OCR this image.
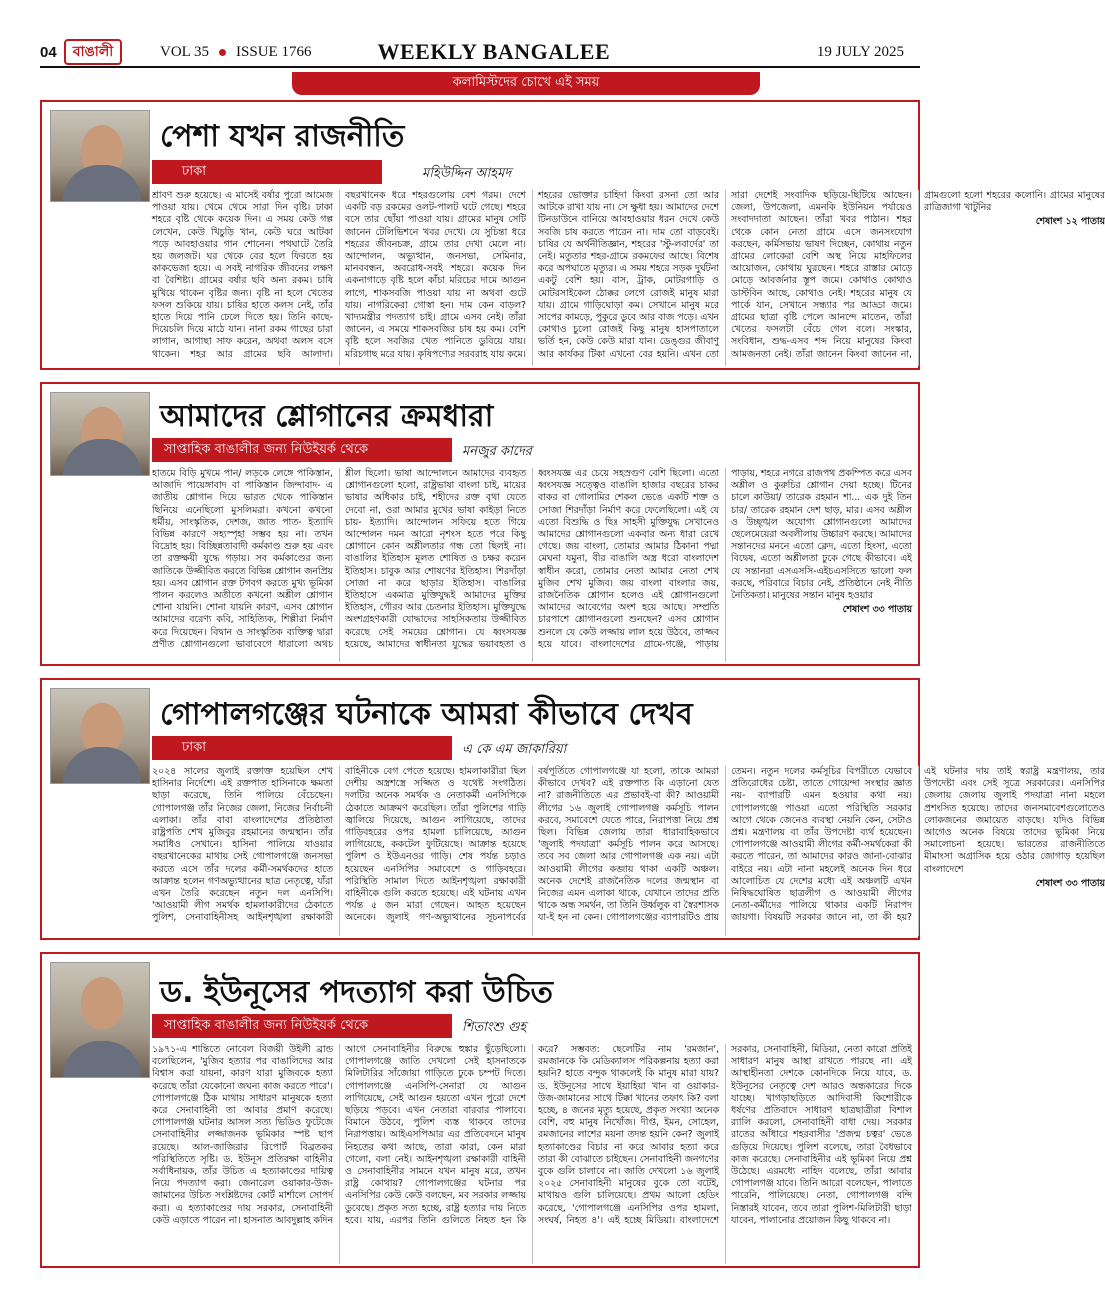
04	বাঙালী	VOL 35 ISSUE 1766	WEEKLY BANGALEE	19 JULY 2025
কলামিস্টদের চোখে এই সময়
পেশা যখন রাজনীতি
ঢাকা	মহিউদ্দিন আহমদ

শ্রাবণ শুরু হয়েছে। এ মাসেই বর্ষার পুরো আমেজ পাওয়া যায়। থেমে থেমে সারা দিন বৃষ্টি। ঢাকা শহরে বৃষ্টি থেকে কয়েক দিন। এ সময় কেউ গল্প লেখেন, কেউ খিচুড়ি খান, কেউ ঘরে আটকা পড়ে আবহাওয়ার গান শোনেন। পথঘাটে তৈরি হয় জলজট। ঘর থেকে বের হলে ফিরতে হয় কাকভেজা হয়ে। এ সবই নাগরিক জীবনের লক্ষণ বা বৈশিষ্ট্য। গ্রামের বর্ষার ছবি অন্য রকম। চাষি মুখিয়ে থাকেন বৃষ্টির জন্য। বৃষ্টি না হলে খেতের ফসল শুকিয়ে যায়। চাষির হাতে কলস নেই, তাঁর হাতে দিয়ে পানি ঢেলে দিতে হয়। তিনি কাছে-দিয়েচলি দিয়ে মাঠে যান। নানা রকম গাছের চারা লাগান, আগাছা সাফ করেন, অথবা অলস বসে থাকেন। শহর আর গ্রামের ছবি আলাদা। বছরখানেক ধরে শহরগুলোয় বেশ গরম। দেশে একটি বড় রকমের ওলট-পালট ঘটে গেছে। শহরে বসে তার ছোঁয়া পাওয়া যায়। গ্রামের মানুষ সেটি জানেন টেলিভিশনে খবর দেখে। যে সুচিন্তা ধরে শহরের জীবনচক্র, গ্রামে তার দেখা মেলে না। আন্দোলন, অভ্যুত্থান, জনসভা, সেমিনার, মানববন্ধন, অবরোধ-সবই শহরে। কয়েক দিন একনাগাড়ে বৃষ্টি হলে কাঁচা মরিচের দামে আগুন লাগে, শাকসবজি পাওয়া যায় না অথবা গুটে যায়। নাগরিকেরা গোস্বা হন। দাম কেন বাড়ল? খাদ্যমন্ত্রীর পদত্যাগ চাই। গ্রামে এসব নেই। তাঁরা জানেন, এ সময়ে শাকসবজির চাষ হয় কম। বেশি বৃষ্টি হলে সবজির খেত পানিতে ডুবিয়ে যায়। মরিচগাছ মরে যায়। কৃষিপণ্যের সরবরাহ যায় কমে। শহরের ভোক্তার চাহিদা কিংবা রসনা তো আর আটকে রাখা যায় না। সে ক্ষুধা হয়। আমাদের দেশে টিনডাউনে বানিয়ে আবহাওয়ার ধরন দেখে কেউ সবজি চাষ করতে পারেন না। দাম তো বাড়বেই। চাষির যে অর্থনীতিজ্ঞান, শহরের 'স্টু-লবার্দের' তা নেই। মতুতার শহর-গ্রামে রকমফের আছে। বিশেষ করে অপঘাতে মৃত্যুর। এ সময় শহরে সড়ক দুর্ঘটনা একটু বেশি হয়। বাস, ট্রাক, মোটরগাড়ি ও মোটরসাইকেল ঠোক্কর লেগে রোজই মানুষ মারা যায়। গ্রামে গাড়িঘোড়া কম। সেখানে মানুষ মরে সাপের কামড়ে, পুকুরে ডুবে আর বাজ পড়ে। এখন কোথাও চুলো রোজই কিছু মানুষ হাসপাতালে ভর্তি হন, কেউ কেউ মারা যান। ডেঙ্গুর জীবাণু আর কার্যকর টিকা এখনো বের হয়নি। এখন তো সারা দেশেই সংবাদিক ছড়িয়ে-ছিটিয়ে আছেন। জেলা, উপজেলা, এমনকি ইউনিয়ন পর্যায়েও সংবাদদাতা আছেন। তাঁরা খবর পাঠান। শহর থেকে কোন নেতা গ্রামে এসে জনসংযোগ করছেন, কর্মিসভায় ভাষণ দিচ্ছেন, কোথায় নতুন গ্রামের লোকেরা বেশি অস্থ নিয়ে মাহফিলের আয়োজন, কোথায় ঘুরছেন। শহরে রাস্তার মোড়ে মোড়ে আবর্জনার স্তূপ জমে। কোথাও কোথাও ডাস্টবিন আছে, কোথাও নেই। শহরের মানুষ যে পার্কে যান, সেখানে সন্ধ্যার পর আড্ডা জমে। গ্রামের ছাত্রা বৃষ্টি পেলে আনন্দে মাতেন, তাঁরা খেতের ফসলটা বেঁচে গেল বলে। সংস্কার, সংবিধান, শুদ্ধ-এসব শব্দ নিয়ে মানুষের কিংবা আমজনতা নেই। তাঁরা জানেন কিংবা জানেন না, গ্রামগুলো হলো শহরের কলোনি। গ্রামের মানুষের রাত্রিজাগা খাটুনির

শেষাংশ ১২ পাতায়
আমাদের শ্লোগানের ক্রমধারা
সাপ্তাহিক বাঙালীর জন্য নিউইয়র্ক থেকে	মনজুর কাদের

হাতমে বিড়ি মুখমে পান/ লড়কে লেঙ্গে পাকিস্তান, আজাদি পায়েঙ্গাবাদ বা পাকিস্তান জিন্দাবাদ- এ জাতীয় শ্লোগান দিয়ে ভারত থেকে পাকিস্তান ছিনিয়ে এনেছিলো মুসলিমরা। কখনো কখনো ধর্মীয়, সাংস্কৃতিক, দেশজ, জাত পাত- ইত্যাদি বিভিন্ন কারণে সহ্যস্পৃহা সম্ভব হয় না। তখন বিদ্রোহ হয়। বিচ্ছিন্নতাবাদী কর্মকাণ্ড শুরু হয় এবং তা রক্তক্ষয়ী যুদ্ধে গড়ায়। সব কর্মকাণ্ডের জন্য জাতিকে উজ্জীবিত করতে বিভিন্ন শ্লোগান জনপ্রিয় হয়। এসব শ্লোগান রক্ত টগবগ করতে মুখ্য ভূমিকা পালন করলেও অতীতে কখনো অশ্লীল শ্লোগান শোনা যায়নি। শোনা যায়নি কারণ, এসব শ্লোগান আমাদের বরেণ্য কবি, সাহিত্যিক, শিল্পীরা নির্মাণ করে দিয়েছেন। বিদ্বান ও সাংস্কৃতিক ব্যক্তিত্ব দ্বারা প্রণীত শ্লোগানগুলো ভাবাবেগে ধারালো অথচ শ্লীল ছিলো। ভাষা আন্দোলনে আমাদের ব্যবহৃত শ্লোগানগুলো হলো, রাষ্ট্রভাষা বাংলা চাই, মায়ের ভাষার অধিকার চাই, শহীদের রক্ত বৃথা যেতে দেবো না, ওরা আমার মুখের ভাষা কাইড়া নিতে চায়- ইত্যাদি। আন্দোলন সফিয়ে হতে গিয়ে আন্দোলন দমন আরো নৃশংস হতে পরে কিছু শ্লোগানে কোন অশ্লীলতার গন্ধ তো ছিলই না। বাঙালির ইতিহাস মূলত শোষিত ও চক্ষর করেন ইতিহাস। চাবুক আর শোষণের ইতিহাস। শিরদাঁড়া সোজা না করে ছাড়ার ইতিহাস। বাঙালির ইতিহাসে একমাত্র মুক্তিযুদ্ধই আমাদের মুক্তির ইতিহাস, গৌরব আর চেতনার ইতিহাস। মুক্তিযুদ্ধে অংশগ্রহণকারী যোদ্ধাদের সাহসিকতায় উজ্জীবিত করেছে সেই সময়ের শ্লোগান। যে ধ্বংসযজ্ঞ হয়েছে, আমাদের স্বাধীনতা যুদ্ধের ভয়াবহতা ও ধ্বংসযজ্ঞ এর চেয়ে সহস্রগুণ বেশি ছিলো। এতো ধ্বংসযজ্ঞ সত্ত্বেও বাঙালি হাজার বছরের চাকর বাকর বা গোলামির শেকল ভেঙে একটি শক্ত ও সোজা শিরদাঁড়া নির্মাণ করে ফেলেছিলো। এই যে এতো বিশুদ্ধি ও ছিঃ সাহসী মুক্তিযুদ্ধ সেখানেও আমাদের শ্লোগানগুলো একবার অন্য ধারা রেখে গেছে। জয় বাংলা, তোমার আমার ঠিকানা পদ্মা মেঘনা যমুনা, বীর বাঙালি অস্ত্র ধরো বাংলাদেশ স্বাধীন করো, তোমার নেতা আমার নেতা শেখ মুজিব শেখ মুজিব। জয় বাংলা বাংলার জয়, রাজনৈতিক শ্লোগান হলেও এই শ্লোগানগুলো আমাদের আবেগের অংশ হয়ে আছে। সম্প্রতি চারপাশে শ্লোগানগুলো শুনছেন? এসব শ্লোগান শুনলে যে কেউ লজ্জায় লাল হয়ে উঠবে, তাজ্জব হয়ে যাবে। বাংলাদেশের গ্রামে-গঞ্জে, পাড়ায় পাড়ায়, শহরে নগরে রাজপথ প্রকম্পিত করে এসব অশ্লীল ও কুরুচির শ্লোগান দেয়া হচ্ছে। টিনের চালে কাউয়া/ তারেক রহমান শা... এক দুই তিন চার/ তারেক রহমান দেশ ছাড়, মার। এসব অশ্লীল ও উচ্ছৃঙ্খল অযোগ্য শ্লোগানগুলো আমাদের ছেলেমেয়েরা অবলীলায় উচ্চারণ করছে। আমাদের সন্তানদের মননে এতো ক্লেদ, এতো হিংসা, এতো বিদ্বেষ, এতো অশ্লীলতা ঢুকে গেছে কীভাবে। এই যে সন্তানরা এসএসসি-এইচএসসিতে ভালো ফল করছে, পরিবারে বিচার নেই, প্রতিষ্ঠানে নেই নীতি নৈতিকতা। মানুষের সন্তান মানুষ হওয়ার

শেষাংশ ৩৩ পাতায়
গোপালগঞ্জের ঘটনাকে আমরা কীভাবে দেখব
ঢাকা	এ কে এম জাকারিয়া

২০২৪ সালের জুলাই রক্তাক্ত হয়েছিল শেখ হাসিনার নির্দেশে। এই রক্তপাত হাসিনাকে ক্ষমতা ছাড়া করেছে, তিনি পালিয়ে বেঁচেছেন। গোপালগঞ্জ তাঁর নিজের জেলা, নিজের নির্বাচনী এলাকা। তাঁর বাবা বাংলাদেশের প্রতিষ্ঠাতা রাষ্ট্রপতি শেখ মুজিবুর রহমানের জন্মস্থান। তাঁর সমাধিও সেখানে। হাসিনা পালিয়ে যাওয়ার বছরখানেকের মাথায় সেই গোপালগঞ্জে জনসভা করতে এসে তাঁর দলের কর্মী-সমর্থকদের হাতে আক্রান্ত হলেন গণঅভ্যুত্থানের ছাত্র নেতৃত্বে, যাঁরা এখন তৈরি করেছেন নতুন দল এনসিপি। 'আওয়ামী লীগ সমর্থক হামলাকারীদের ঠেকাতে পুলিশ, সেনাবাহিনীসহ আইনশৃঙ্খলা রক্ষাকারী বাহিনীকে বেগ পেতে হয়েছে। হামলাকারীরা ছিল দেশীয় অস্ত্রশস্ত্রে সজ্জিত ও যথেষ্ট সংগঠিত। দলটির অনেক সমর্থক ও নেতাকর্মী এনসিপিকে ঠেকাতে আক্রমণ করেছিল। তাঁরা পুলিশের গাড়ি জ্বালিয়ে দিয়েছে, আগুন লাগিয়েছে, তাদের গাড়িবহরের ওপর হামলা চালিয়েছে, আগুন লাগিয়েছে, ককটেল ফুটিয়েছে। আক্রান্ত হয়েছে পুলিশ ও ইউএনওর গাড়ি। শেষ পর্যন্ত চড়াও হয়েছেন এনসিপির সমাবেশে ও গাড়িবহরে। পরিস্থিতি সামাল দিতে আইনশৃঙ্খলা রক্ষাকারী বাহিনীকে গুলি করতে হয়েছে। এই ঘটনায় এখন পর্যন্ত ৫ জন মারা গেছেন। আহত হয়েছেন অনেকে। জুলাই গণ-অভ্যুত্থানের সূচনাপর্বের বর্ষপূর্তিতে গোপালগঞ্জে যা হলো, তাকে আমরা কীভাবে দেখব? এই রক্তপাত কি এড়ানো যেত না? রাজনীতিতে এর প্রভাবই-বা কী? আওয়ামী লীগের ১৬ জুলাই গোপালগঞ্জ কর্মসূচি পালন করবে, সমাবেশে যেতে পারে, নিরাপত্তা নিয়ে প্রশ্ন ছিল। বিভিন্ন জেলায় তারা ধারাবাহিকভাবে 'জুলাই পদযাত্রা' কর্মসূচি পালন করে আসছে। তবে সব জেলা আর গোপালগঞ্জ এক নয়। এটা আওয়ামী লীগের কব্জায় থাকা একটি অঞ্চল। অনেক দেশেই রাজনৈতিক দলের জন্মস্থান বা নিজের এমন এলাকা থাকে, যেখানে তাদের প্রতি থাকে অন্ধ সমর্থন, তা তিনি উর্ধ্বলুক বা স্বৈরশাসক যা-ই হন না কেন। গোপালগঞ্জের ব্যাপারটিও প্রায় তেমন। নতুন দলের কর্মসূচির বিপরীতে যেভাবে প্রতিরোধের চেষ্টা, তাতে গোয়েন্দা সংস্থার জ্ঞাত নয়- ব্যাপারটি এমন হওয়ার কথা নয়। গোপালগঞ্জে পাওয়া এতো পরিস্থিতি সরকার আগে থেকে জেনেও ব্যবস্থা নেয়নি কেন, সেটাও প্রশ্ন। মন্ত্রণালয় বা তাঁর উপদেষ্টা ব্যর্থ হয়েছেন। গোপালগঞ্জে আওয়ামী লীগের কর্মী-সমর্থকেরা কী করতে পারেন, তা আমাদের কারও জানা-বোঝার বাইরে নয়। এটা নানা মহলেই অনেক দিন ধরে আলোচিত যে দেশের মধ্যে এই অঞ্চলটি এখন নিষিদ্ধঘোষিত ছাত্রলীগ ও আওয়ামী লীগের নেতা-কর্মীদের পালিয়ে থাকার একটি নিরাপদ জায়গা। বিষয়টি সরকার জানে না, তা কী হয়? এই ঘটনার দায় তাই স্বরাষ্ট্র মন্ত্রণালয়, তার উপদেষ্টা এবং সেই সূত্রে সরকারের। এনসিপির জেলায় জেলায় জুলাই পদযাত্রা নানা মহলে প্রশংসিত হয়েছে। তাদের জনসমাবেশগুলোতেও লোকজনের জমায়েত বাড়ছে। যদিও বিভিন্ন আগেও অনেক বিষয়ে তাদের ভূমিকা নিয়ে সমালোচনা হয়েছে। ভারতের রাজনীতিতে মীমাংসা অগ্রাসিক হয়ে ওঠার জোগাড় হয়েছিল বাংলাদেশে

শেষাংশ ৩৩ পাতায়
ড. ইউনূসের পদত্যাগ করা উচিত
সাপ্তাহিক বাঙালীর জন্য নিউইয়র্ক থেকে	শিতাংশু গুহ

১৯৭১-এ শান্তিতে নোবেল বিজয়ী উইলী ব্রান্ড বলেছিলেন, 'মুজিব হত্যার পর বাঙালিদের আর বিশ্বাস করা যায়না, কারণ যারা মুজিবকে হত্যা করেছে তাঁরা যেকোনো জঘন্য কাজ করতে পারে'। গোপালগঞ্জে ঠিক মাথায় সাধারণ মানুষকে হত্যা করে সেনাবাহিনী তা আবার প্রমাণ করেছে। গোপালগঞ্জ ঘটনার আসল সত্য ভিডিও ফুটেজে সেনাবাহিনীর লজ্জাজনক ভূমিকার স্পষ্ট ছাপ রয়েছে। আল-জাজিরার রিপোর্ট বিব্রতকর পরিস্থিতিতে সৃষ্টি। ড. ইউনূস প্রতিরক্ষা বাহিনীর সর্বাধিনায়ক, তাঁর উচিত এ হত্যাকাণ্ডের দায়িত্ব নিয়ে পদত্যাগ করা। জেনারেল ওয়াকার-উজ-জামানের উচিত সংশ্লিষ্টদের কোর্ট মার্শালে সোপর্দ করা। এ হত্যাকাণ্ডের দায় সরকার, সেনাবাহিনী কেউ এড়াতে পারেন না। হাসনাত আবদুল্লাহ কদিন আগে সেনাবাহিনীর বিরুদ্ধে হুঙ্কার ছুঁড়েছিলো। গোপালগঞ্জে জাতি দেখলো সেই হাসনাতকে মিলিটারির সাঁজোয়া গাড়িতে ঢুকে চম্পট দিতে। গোপালগঞ্জে এনসিপি-সেনারা যে আগুন লাগিয়েছে, সেই আগুন হয়তো এখন পুরো দেশে ছড়িয়ে পড়বে। এখন নেতারা বারবার পালাবে। বিমানে উঠবে, পুলিশ ব্যস্ত থাকবে তাদের নিরাপত্তায়। আইএসপিআর এর প্রতিবেদনে মানুষ নিহতের কথা আছে, তারা কারা, কেন মারা গেলো, বলা নেই। আইনশৃঙ্খলা রক্ষাকারী বাহিনী ও সেনাবাহিনীর সামনে যখন মানুষ মরে, তখন রাষ্ট্র কোথায়? গোপালগঞ্জের ঘটনার পর এনসিপির কেউ কেউ বলছেন, মব সরকার লজ্জায় ডুবেছে। প্রকৃত সত্য হচ্ছে, রাষ্ট্র হত্যার দায় নিতে হবে। যায়, এরপর তিনি গুলিতে নিহত হন কি করে? সম্ভবত: ছেলেটির নাম 'রমজান', রমজানকে কি মেডিক্যালস পরিকল্পনায় হত্যা করা হয়নি? হাতে বন্দুক থাকলেই কি মানুষ মারা যায়? ড. ইউনূসের সাথে ইয়াহিয়া খান বা ওয়াকার-উজ-জামানের সাথে টিক্কা খানের তফাৎ কি? বলা হচ্ছে, ৪ জনের মৃত্যু হয়েছে, প্রকৃত সংখ্যা অনেক বেশি, বহু মানুষ নিখোঁজ। দীপ্ত, ইমন, সোহেল, রমজানের লাশের ময়না তদন্ত হয়নি কেন? জুলাই হত্যাকাণ্ডের বিচার না করে আবার হত্যা করে তারা কী বোঝাতে চাইছেন। সেনাবাহিনী জনগণের বুকে গুলি চালাবে না। জাতি দেখলো ১৬ জুলাই ২০২৫ সেনাবাহিনী মানুষের বুকে তো বটেই, মাথায়ও গুলি চালিয়েছে। প্রথম আলো হেডিং করেছে, 'গোপালগঞ্জে এনসিপির ওপর হামলা, সংঘর্ষ, নিহত ৪'। এই হচ্ছে মিডিয়া। বাংলাদেশে সরকার, সেনাবাহিনী, মিডিয়া, নেতা কারো প্রতিই সাধারণ মানুষ আস্থা রাখতে পারছে না। এই আস্থাহীনতা দেশকে কোনদিকে নিয়ে যাবে, ড. ইউনূসের নেতৃত্বে দেশ আরও অন্ধকারের দিকে যাচ্ছে। খাগড়াছড়িতে আদিবাসী কিশোরীকে ধর্ষণের প্রতিবাদে সাধারণ ছাত্রছাত্রীরা বিশাল র‍্যালি করলো, সেনাবাহিনী বাধা দেয়। সরকার রাতের আঁধারে শহরবাসীর 'প্রজন্ম চত্বর' ভেঙে গুড়িয়ে দিয়েছে। পুলিশ বলেছে, তারা বৈধভাবে কাজ করেছে। সেনাবাহিনীর এই ভূমিকা নিয়ে প্রশ্ন উঠেছে। এরমধ্যে নাহিদ বলেছে, তাঁরা আবার গোপালগঞ্জ যাবে। তিনি আরো বলেছেন, পালাতে পারেনি, পালিয়েছে। নেতা, গোপালগঞ্জ বন্দি নিস্তারই যাবেন, তবে তারা পুলিশ-মিলিটারী ছাড়া যাবেন, পালানোর প্রয়োজন কিছু থাকবে না।
